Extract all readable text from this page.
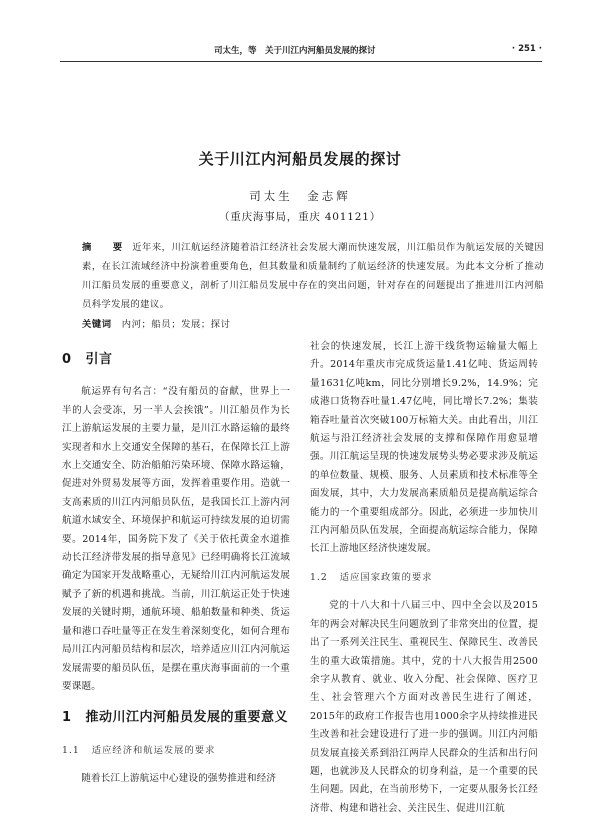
司太生，等　关于川江内河船员发展的探讨	· 251 ·
关于川江内河船员发展的探讨
司太生　金志辉
（重庆海事局，重庆 401121）
摘　要 近年来，川江航运经济随着沿江经济社会发展大潮而快速发展，川江船员作为航运发展的关键因素，在长江流域经济中扮演着重要角色，但其数量和质量制约了航运经济的快速发展。为此本文分析了推动川江船员发展的重要意义，剖析了川江船员发展中存在的突出问题，针对存在的问题提出了推进川江内河船员科学发展的建议。
关键词 内河；船员；发展；探讨
0 引言

航运界有句名言：“没有船员的奋献，世界上一半的人会受冻，另一半人会挨饿”。川江船员作为长江上游航运发展的主要力量，是川江水路运输的最终实现者和水上交通安全保障的基石，在保障长江上游水上交通安全、防治船舶污染环境、保障水路运输，促进对外贸易发展等方面，发挥着重要作用。造就一支高素质的川江内河船员队伍，是我国长江上游内河航道水域安全、环境保护和航运可持续发展的迫切需要。2014年，国务院下发了《关于依托黄金水道推动长江经济带发展的指导意见》已经明确将长江流域确定为国家开发战略重心，无疑给川江内河航运发展赋予了新的机遇和挑战。当前，川江航运正处于快速发展的关键时期，通航环境、船舶数量和种类、货运量和港口吞吐量等正在发生着深刻变化，如何合理布局川江内河船员结构和层次，培养适应川江内河航运发展需要的船员队伍，是摆在重庆海事面前的一个重要课题。

1 推动川江内河船员发展的重要意义
1.1 适应经济和航运发展的要求

随着长江上游航运中心建设的强势推进和经济

社会的快速发展，长江上游干线货物运输量大幅上升。2014年重庆市完成货运量1.41亿吨、货运周转量1631亿吨km，同比分别增长9.2%，14.9%；完成港口货物吞吐量1.47亿吨，同比增长7.2%；集装箱吞吐量首次突破100万标箱大关。由此看出，川江航运与沿江经济社会发展的支撑和保障作用愈显增强。川江航运呈现的快速发展势头势必要求涉及航运的单位数量、规模、服务、人员素质和技术标准等全面发展，其中，大力发展高素质船员是提高航运综合能力的一个重要组成部分。因此，必须进一步加快川江内河船员队伍发展，全面提高航运综合能力，保障长江上游地区经济快速发展。

1.2 适应国家政策的要求

党的十八大和十八届三中、四中全会以及2015年的两会对解决民生问题放到了非常突出的位置，提出了一系列关注民生、重视民生、保障民生、改善民生的重大政策措施。其中，党的十八大报告用2500余字从教育、就业、收入分配、社会保障、医疗卫生、社会管理六个方面对改善民生进行了阐述，2015年的政府工作报告也用1000余字从持续推进民生改善和社会建设进行了进一步的强调。川江内河船员发展直接关系到沿江两岸人民群众的生活和出行问题，也就涉及人民群众的切身利益，是一个重要的民生问题。因此，在当前形势下，一定要从服务长江经济带、构建和谐社会、关注民生、促进川江航
